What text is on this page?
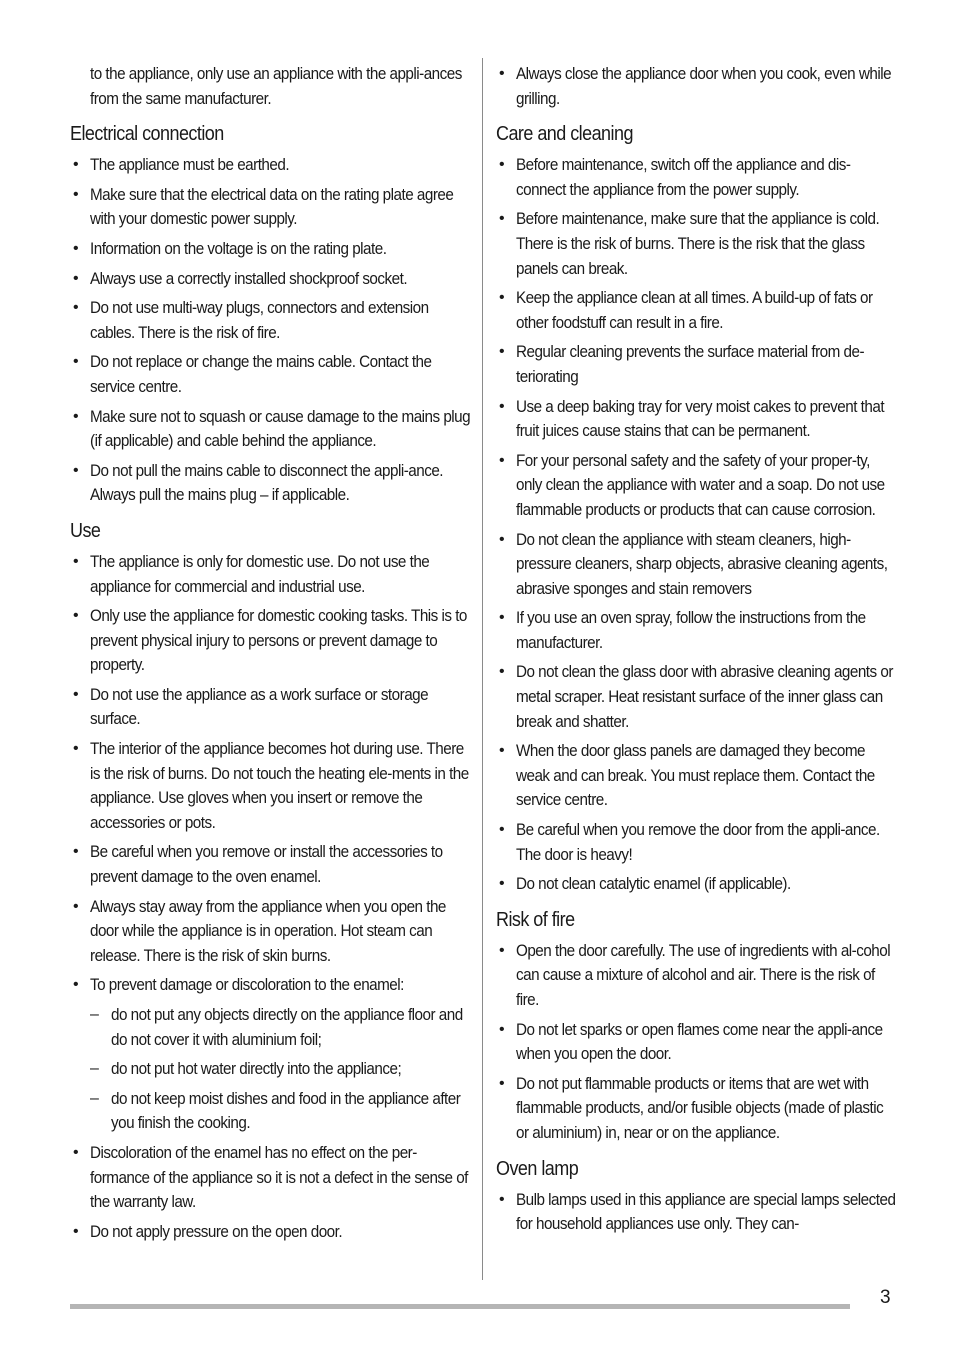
to the appliance, only use an appliance with the appli-ances from the same manufacturer.

Electrical connection
• The appliance must be earthed.
• Make sure that the electrical data on the rating plate agree with your domestic power supply.
• Information on the voltage is on the rating plate.
• Always use a correctly installed shockproof socket.
• Do not use multi-way plugs, connectors and extension cables. There is the risk of fire.
• Do not replace or change the mains cable. Contact the service centre.
• Make sure not to squash or cause damage to the mains plug (if applicable) and cable behind the appliance.
• Do not pull the mains cable to disconnect the appli-ance. Always pull the mains plug – if applicable.
Use
• The appliance is only for domestic use. Do not use the appliance for commercial and industrial use.
• Only use the appliance for domestic cooking tasks. This is to prevent physical injury to persons or prevent damage to property.
• Do not use the appliance as a work surface or storage surface.
• The interior of the appliance becomes hot during use. There is the risk of burns. Do not touch the heating ele-ments in the appliance. Use gloves when you insert or remove the accessories or pots.
• Be careful when you remove or install the accessories to prevent damage to the oven enamel.
• Always stay away from the appliance when you open the door while the appliance is in operation. Hot steam can release. There is the risk of skin burns.
• To prevent damage or discoloration to the enamel:
– do not put any objects directly on the appliance floor and do not cover it with aluminium foil;
– do not put hot water directly into the appliance;
– do not keep moist dishes and food in the appliance after you finish the cooking.
• Discoloration of the enamel has no effect on the per-formance of the appliance so it is not a defect in the sense of the warranty law.
• Do not apply pressure on the open door.
• Always close the appliance door when you cook, even while grilling.
Care and cleaning
• Before maintenance, switch off the appliance and dis-connect the appliance from the power supply.
• Before maintenance, make sure that the appliance is cold. There is the risk of burns. There is the risk that the glass panels can break.
• Keep the appliance clean at all times. A build-up of fats or other foodstuff can result in a fire.
• Regular cleaning prevents the surface material from de-teriorating
• Use a deep baking tray for very moist cakes to prevent that fruit juices cause stains that can be permanent.
• For your personal safety and the safety of your proper-ty, only clean the appliance with water and a soap. Do not use flammable products or products that can cause corrosion.
• Do not clean the appliance with steam cleaners, high-pressure cleaners, sharp objects, abrasive cleaning agents, abrasive sponges and stain removers
• If you use an oven spray, follow the instructions from the manufacturer.
• Do not clean the glass door with abrasive cleaning agents or metal scraper. Heat resistant surface of the inner glass can break and shatter.
• When the door glass panels are damaged they become weak and can break. You must replace them. Contact the service centre.
• Be careful when you remove the door from the appli-ance. The door is heavy!
• Do not clean catalytic enamel (if applicable).
Risk of fire
• Open the door carefully. The use of ingredients with al-cohol can cause a mixture of alcohol and air. There is the risk of fire.
• Do not let sparks or open flames come near the appli-ance when you open the door.
• Do not put flammable products or items that are wet with flammable products, and/or fusible objects (made of plastic or aluminium) in, near or on the appliance.
Oven lamp
• Bulb lamps used in this appliance are special lamps selected for household appliances use only. They can-
3
